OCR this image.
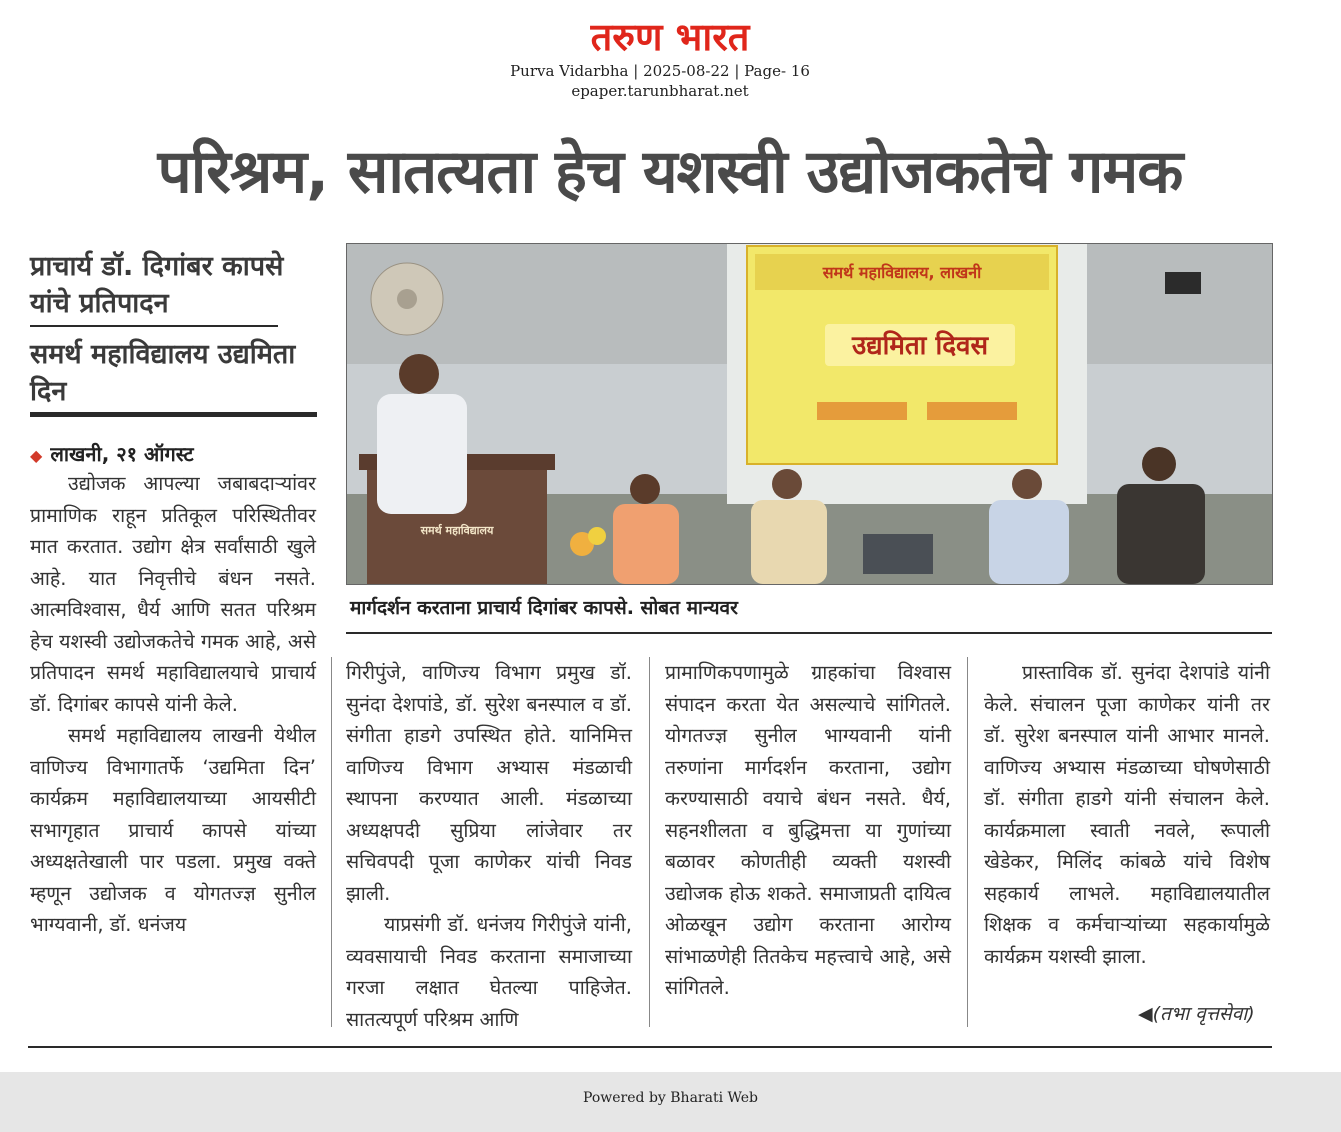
तरुण भारत
Purva Vidarbha | 2025-08-22 | Page- 16
epaper.tarunbharat.net
परिश्रम, सातत्यता हेच यशस्वी उद्योजकतेचे गमक
प्राचार्य डॉ. दिगांबर कापसे यांचे प्रतिपादन
समर्थ महाविद्यालय उद्यमिता दिन
◆ लाखनी, २१ ऑगस्ट

उद्योजक आपल्या जबाबदाऱ्यांवर प्रामाणिक राहून प्रतिकूल परिस्थितीवर मात करतात. उद्योग क्षेत्र सर्वांसाठी खुले आहे. यात निवृत्तीचे बंधन नसते. आत्मविश्वास, धैर्य आणि सतत परिश्रम हेच यशस्वी उद्योजकतेचे गमक आहे, असे प्रतिपादन समर्थ महाविद्यालयाचे प्राचार्य डॉ. दिगांबर कापसे यांनी केले.

समर्थ महाविद्यालय लाखनी येथील वाणिज्य विभागातर्फे ‘उद्यमिता दिन’ कार्यक्रम महाविद्यालयाच्या आयसीटी सभागृहात प्राचार्य कापसे यांच्या अध्यक्षतेखाली पार पडला. प्रमुख वक्ते म्हणून उद्योजक व योगतज्ज्ञ सुनील भाग्यवानी, डॉ. धनंजय

समर्थ महाविद्यालय, लाखनी
उद्यमिता दिवस
समर्थ महाविद्यालय
मार्गदर्शन करताना प्राचार्य दिगांबर कापसे. सोबत मान्यवर

गिरीपुंजे, वाणिज्य विभाग प्रमुख डॉ. सुनंदा देशपांडे, डॉ. सुरेश बनस्पाल व डॉ. संगीता हाडगे उपस्थित होते. यानिमित्त वाणिज्य विभाग अभ्यास मंडळाची स्थापना करण्यात आली. मंडळाच्या अध्यक्षपदी सुप्रिया लांजेवार तर सचिवपदी पूजा काणेकर यांची निवड झाली.

याप्रसंगी डॉ. धनंजय गिरीपुंजे यांनी, व्यवसायाची निवड करताना समाजाच्या गरजा लक्षात घेतल्या पाहिजेत. सातत्यपूर्ण परिश्रम आणि

प्रामाणिकपणामुळे ग्राहकांचा विश्वास संपादन करता येत असल्याचे सांगितले. योगतज्ज्ञ सुनील भाग्यवानी यांनी तरुणांना मार्गदर्शन करताना, उद्योग करण्यासाठी वयाचे बंधन नसते. धैर्य, सहनशीलता व बुद्धिमत्ता या गुणांच्या बळावर कोणतीही व्यक्ती यशस्वी उद्योजक होऊ शकते. समाजाप्रती दायित्व ओळखून उद्योग करताना आरोग्य सांभाळणेही तितकेच महत्त्वाचे आहे, असे सांगितले.

प्रास्ताविक डॉ. सुनंदा देशपांडे यांनी केले. संचालन पूजा काणेकर यांनी तर डॉ. सुरेश बनस्पाल यांनी आभार मानले. वाणिज्य अभ्यास मंडळाच्या घोषणेसाठी डॉ. संगीता हाडगे यांनी संचालन केले. कार्यक्रमाला स्वाती नवले, रूपाली खेडेकर, मिलिंद कांबळे यांचे विशेष सहकार्य लाभले. महाविद्यालयातील शिक्षक व कर्मचाऱ्यांच्या सहकार्यामुळे कार्यक्रम यशस्वी झाला.

◀(तभा वृत्तसेवा)
Powered by Bharati Web
